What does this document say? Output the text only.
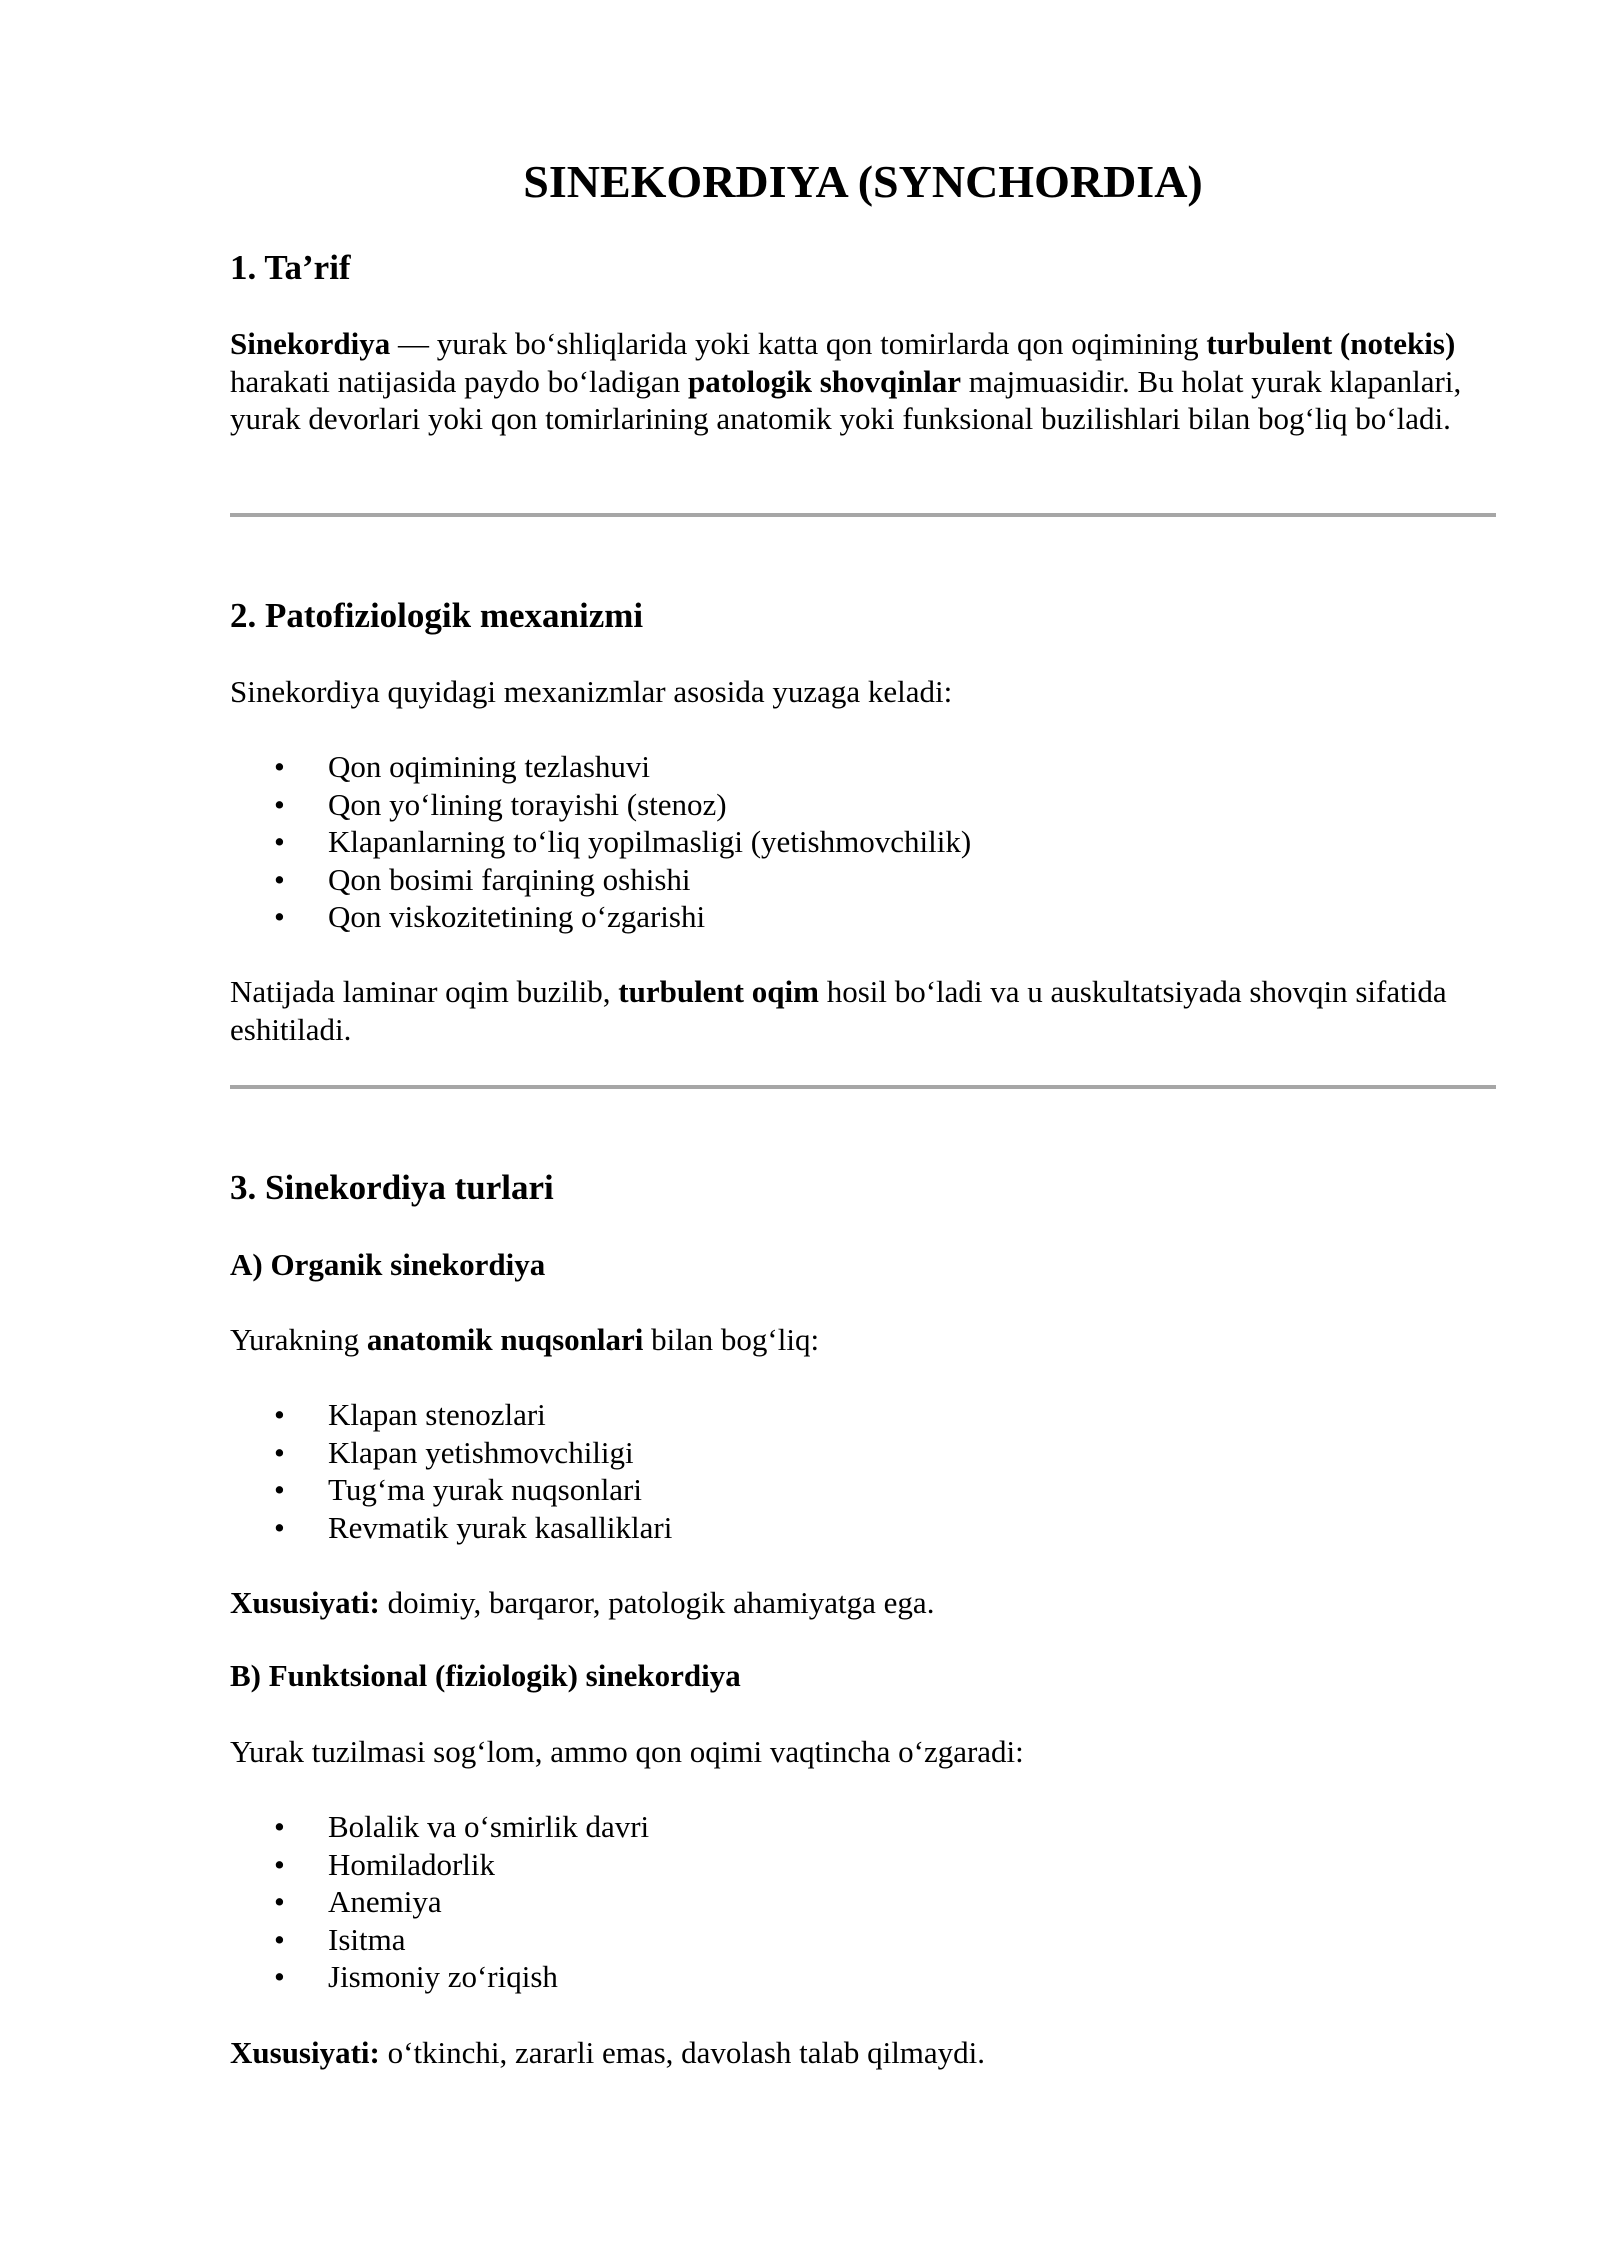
SINEKORDIYA (SYNCHORDIA)
1. Ta’rif

Sinekordiya — yurak bo‘shliqlarida yoki katta qon tomirlarda qon oqimining turbulent (notekis) harakati natijasida paydo bo‘ladigan patologik shovqinlar majmuasidir. Bu holat yurak klapanlari, yurak devorlari yoki qon tomirlarining anatomik yoki funksional buzilishlari bilan bog‘liq bo‘ladi.

2. Patofiziologik mexanizmi

Sinekordiya quyidagi mexanizmlar asosida yuzaga keladi:

• Qon oqimining tezlashuvi
• Qon yo‘lining torayishi (stenoz)
• Klapanlarning to‘liq yopilmasligi (yetishmovchilik)
• Qon bosimi farqining oshishi
• Qon viskozitetining o‘zgarishi

Natijada laminar oqim buzilib, turbulent oqim hosil bo‘ladi va u auskultatsiyada shovqin sifatida eshitiladi.

3. Sinekordiya turlari
A) Organik sinekordiya

Yurakning anatomik nuqsonlari bilan bog‘liq:

• Klapan stenozlari
• Klapan yetishmovchiligi
• Tug‘ma yurak nuqsonlari
• Revmatik yurak kasalliklari

Xususiyati: doimiy, barqaror, patologik ahamiyatga ega.

B) Funktsional (fiziologik) sinekordiya

Yurak tuzilmasi sog‘lom, ammo qon oqimi vaqtincha o‘zgaradi:

• Bolalik va o‘smirlik davri
• Homiladorlik
• Anemiya
• Isitma
• Jismoniy zo‘riqish

Xususiyati: o‘tkinchi, zararli emas, davolash talab qilmaydi.
